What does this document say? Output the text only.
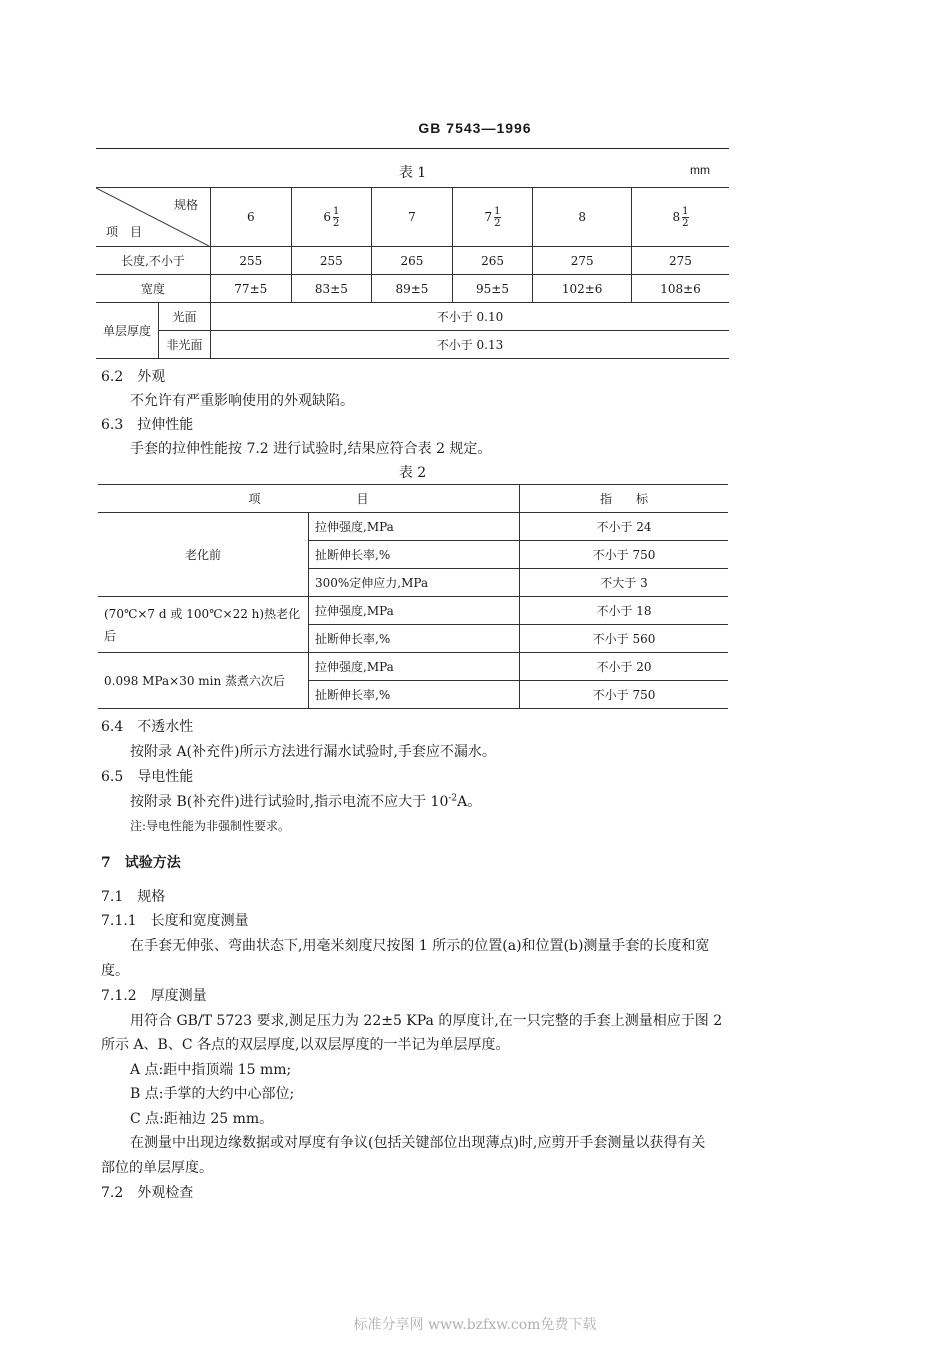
GB 7543—1996
表 1	mm
规格
项　目		6	$6 \frac{1}{2}$	7	$7 \frac{1}{2}$	8	$8 \frac{1}{2}$

长度,不小于		255	255	265	265	275	275
宽度		77±5	83±5	89±5	95±5	102±6	108±6
单层厚度	光面	不小于 0.10					
	非光面	不小于 0.13					
6.2　外观
不允许有严重影响使用的外观缺陷。
6.3　拉伸性能
手套的拉伸性能按 7.2 进行试验时,结果应符合表 2 规定。
表 2
项　　　　　　　　目		指　　标
老化前	拉伸强度,MPa	不小于 24
	扯断伸长率,%	不小于 750
	300%定伸应力,MPa	不大于 3
(70℃×7 d 或 100℃×22 h)热老化后	拉伸强度,MPa	不小于 18
	扯断伸长率,%	不小于 560
0.098 MPa×30 min 蒸煮六次后	拉伸强度,MPa	不小于 20
	扯断伸长率,%	不小于 750
6.4　不透水性
按附录 A(补充件)所示方法进行漏水试验时,手套应不漏水。
6.5　导电性能
按附录 B(补充件)进行试验时,指示电流不应大于 $10^{-2}A$。
注:导电性能为非强制性要求。
7　试验方法
7.1　规格
7.1.1　长度和宽度测量
在手套无伸张、弯曲状态下,用毫米刻度尺按图 1 所示的位置(a)和位置(b)测量手套的长度和宽
度。
7.1.2　厚度测量
用符合 GB/T 5723 要求,测足压力为 22±5 KPa 的厚度计,在一只完整的手套上测量相应于图 2
所示 A、B、C 各点的双层厚度,以双层厚度的一半记为单层厚度。
A 点:距中指顶端 15 mm;
B 点:手掌的大约中心部位;
C 点:距袖边 25 mm。
在测量中出现边缘数据或对厚度有争议(包括关键部位出现薄点)时,应剪开手套测量以获得有关
部位的单层厚度。
7.2　外观检查
标准分享网 www.bzfxw.com免费下载
